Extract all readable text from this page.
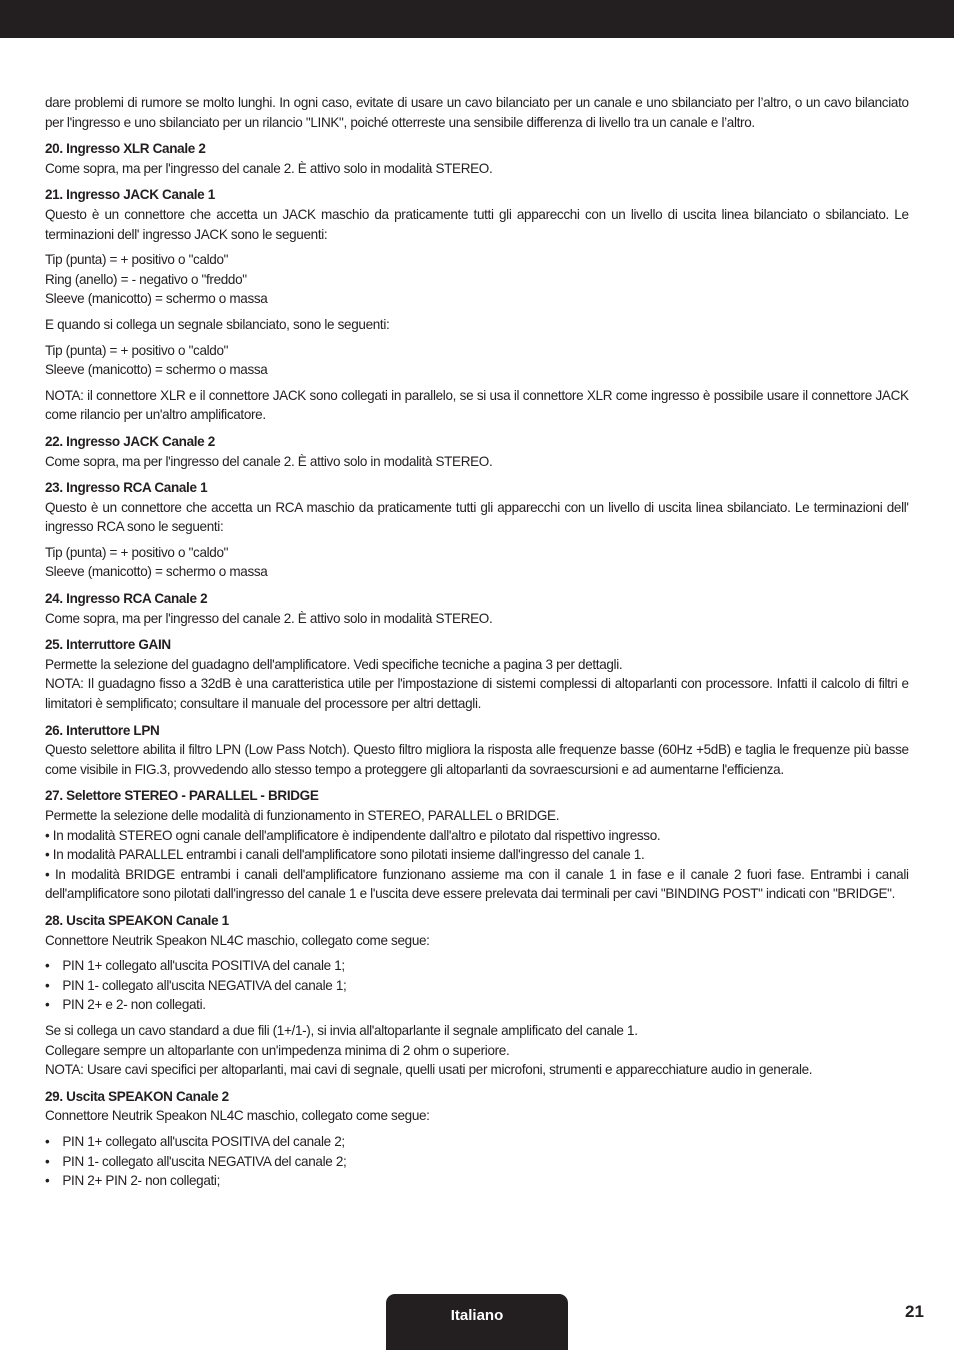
dare problemi di rumore se molto lunghi. In ogni caso, evitate di usare un cavo bilanciato per un canale e uno sbilanciato per l’altro, o un cavo bilanciato per l'ingresso e uno sbilanciato per un rilancio "LINK", poiché otterreste una sensibile differenza di livello tra un canale e l’altro.

20. Ingresso XLR Canale 2

Come sopra, ma per l'ingresso del canale 2. È attivo solo in modalità STEREO.

21. Ingresso JACK Canale 1

Questo è un connettore che accetta un JACK maschio da praticamente tutti gli apparecchi con un livello di uscita linea bilanciato o sbilanciato. Le terminazioni dell' ingresso JACK sono le seguenti:

Tip (punta) = + positivo o "caldo"

Ring (anello) = - negativo o "freddo"

Sleeve (manicotto) = schermo o massa

E quando si collega un segnale sbilanciato, sono le seguenti:

Tip (punta) = + positivo o "caldo"

Sleeve (manicotto) = schermo o massa

NOTA: il connettore XLR e il connettore JACK sono collegati in parallelo, se si usa il connettore XLR come ingresso è possibile usare il connettore JACK come rilancio per un'altro amplificatore.

22. Ingresso JACK Canale 2

Come sopra, ma per l'ingresso del canale 2. È attivo solo in modalità STEREO.

23. Ingresso RCA Canale 1

Questo è un connettore che accetta un RCA maschio da praticamente tutti gli apparecchi con un livello di uscita linea sbilanciato. Le terminazioni dell' ingresso RCA sono le seguenti:

Tip (punta) = + positivo o "caldo"

Sleeve (manicotto) = schermo o massa

24. Ingresso RCA Canale 2

Come sopra, ma per l'ingresso del canale 2. È attivo solo in modalità STEREO.

25. Interruttore GAIN

Permette la selezione del guadagno dell'amplificatore. Vedi specifiche tecniche a pagina 3 per dettagli.

NOTA: Il guadagno fisso a 32dB è una caratteristica utile per l'impostazione di sistemi complessi di altoparlanti con processore. Infatti il calcolo di filtri e limitatori è semplificato; consultare il manuale del processore per altri dettagli.

26. Interuttore LPN

Questo selettore abilita il filtro LPN (Low Pass Notch). Questo filtro migliora la risposta alle frequenze basse (60Hz +5dB) e taglia le frequenze più basse come visibile in FIG.3, provvedendo allo stesso tempo a proteggere gli altoparlanti da sovraescursioni e ad aumentarne l'efficienza.

27. Selettore STEREO - PARALLEL - BRIDGE

Permette la selezione delle modalità di funzionamento in STEREO, PARALLEL o BRIDGE.

• In modalità STEREO ogni canale dell'amplificatore è indipendente dall'altro e pilotato dal rispettivo ingresso.

• In modalità PARALLEL entrambi i canali dell'amplificatore sono pilotati insieme dall'ingresso del canale 1.

• In modalità BRIDGE entrambi i canali dell'amplificatore funzionano assieme ma con il canale 1 in fase e il canale 2 fuori fase. Entrambi i canali dell'amplificatore sono pilotati dall'ingresso del canale 1 e l'uscita deve essere prelevata dai terminali per cavi "BINDING POST" indicati con "BRIDGE".

28. Uscita SPEAKON Canale 1

Connettore Neutrik Speakon NL4C maschio, collegato come segue:

• PIN 1+ collegato all'uscita POSITIVA del canale 1;
• PIN 1- collegato all'uscita NEGATIVA del canale 1;
• PIN 2+ e 2- non collegati.

Se si collega un cavo standard a due fili (1+/1-), si invia all'altoparlante il segnale amplificato del canale 1.

Collegare sempre un altoparlante con un'impedenza minima di 2 ohm o superiore.

NOTA: Usare cavi specifici per altoparlanti, mai cavi di segnale, quelli usati per microfoni, strumenti e apparecchiature audio in generale.

29. Uscita SPEAKON Canale 2

Connettore Neutrik Speakon NL4C maschio, collegato come segue:

• PIN 1+ collegato all'uscita POSITIVA del canale 2;
• PIN 1- collegato all'uscita NEGATIVA del canale 2;
• PIN 2+ PIN 2- non collegati;
Italiano	21
